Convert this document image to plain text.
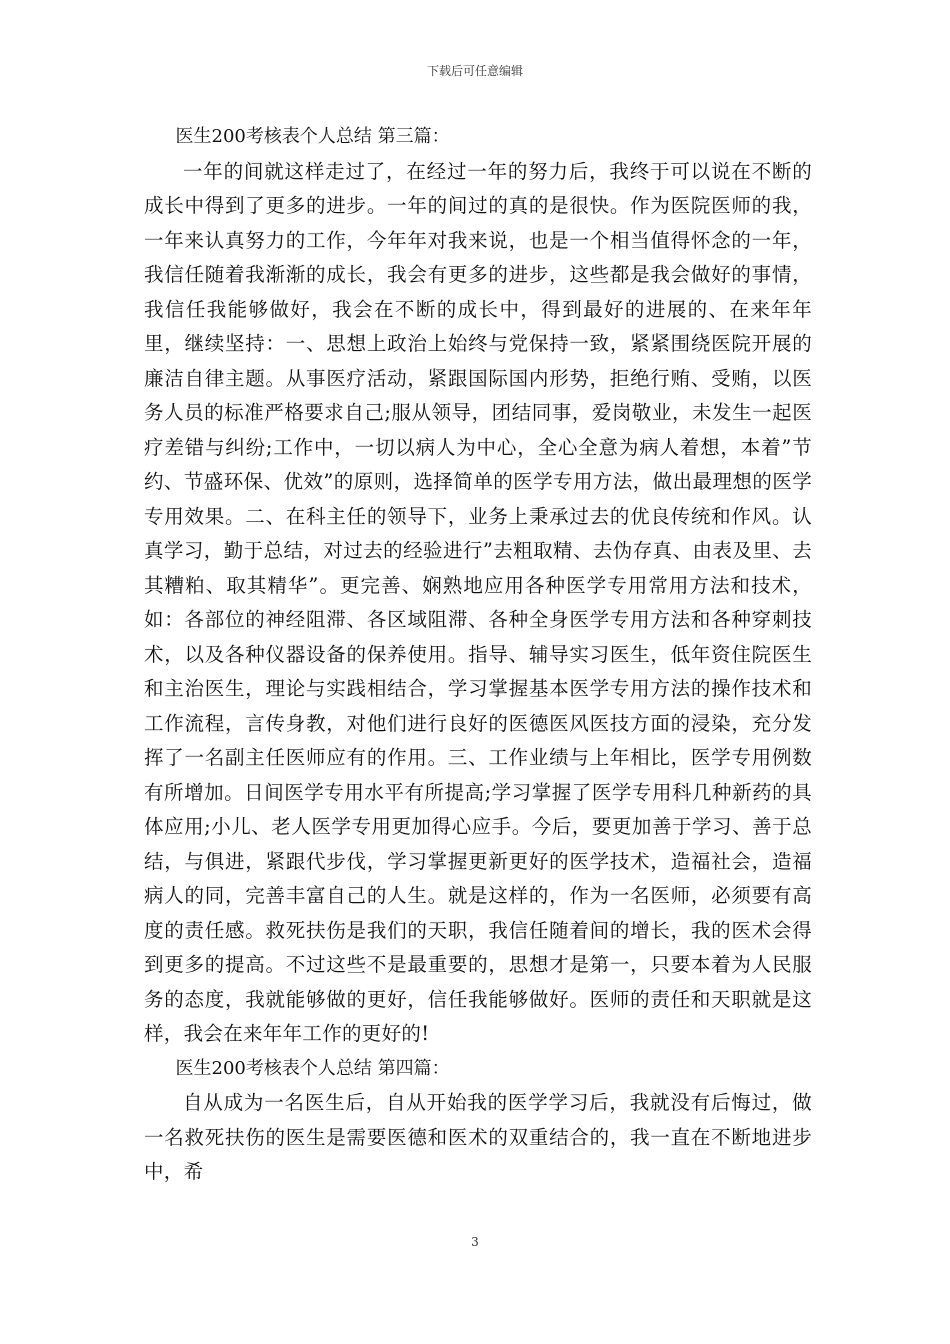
下载后可任意编辑

医生200考核表个人总结 第三篇：

一年的间就这样走过了，在经过一年的努力后，我终于可以说在不断的成长中得到了更多的进步。一年的间过的真的是很快。作为医院医师的我，一年来认真努力的工作，今年年对我来说，也是一个相当值得怀念的一年，我信任随着我渐渐的成长，我会有更多的进步，这些都是我会做好的事情，我信任我能够做好，我会在不断的成长中，得到最好的进展的、在来年年里，继续坚持：一、思想上政治上始终与党保持一致，紧紧围绕医院开展的廉洁自律主题。从事医疗活动，紧跟国际国内形势，拒绝行贿、受贿，以医务人员的标准严格要求自己;服从领导，团结同事，爱岗敬业，未发生一起医疗差错与纠纷;工作中，一切以病人为中心，全心全意为病人着想，本着”节约、节盛环保、优效”的原则，选择简单的医学专用方法，做出最理想的医学专用效果。二、在科主任的领导下，业务上秉承过去的优良传统和作风。认真学习，勤于总结，对过去的经验进行”去粗取精、去伪存真、由表及里、去其糟粕、取其精华”。更完善、娴熟地应用各种医学专用常用方法和技术，如：各部位的神经阻滞、各区域阻滞、各种全身医学专用方法和各种穿刺技术，以及各种仪器设备的保养使用。指导、辅导实习医生，低年资住院医生和主治医生，理论与实践相结合，学习掌握基本医学专用方法的操作技术和工作流程，言传身教，对他们进行良好的医德医风医技方面的浸染，充分发挥了一名副主任医师应有的作用。三、工作业绩与上年相比，医学专用例数有所增加。日间医学专用水平有所提高;学习掌握了医学专用科几种新药的具体应用;小儿、老人医学专用更加得心应手。今后，要更加善于学习、善于总结，与俱进，紧跟代步伐，学习掌握更新更好的医学技术，造福社会，造福病人的同，完善丰富自己的人生。就是这样的，作为一名医师，必须要有高度的责任感。救死扶伤是我们的天职，我信任随着间的增长，我的医术会得到更多的提高。不过这些不是最重要的，思想才是第一，只要本着为人民服务的态度，我就能够做的更好，信任我能够做好。医师的责任和天职就是这样，我会在来年年工作的更好的!

医生200考核表个人总结 第四篇：

自从成为一名医生后，自从开始我的医学学习后，我就没有后悔过，做一名救死扶伤的医生是需要医德和医术的双重结合的，我一直在不断地进步中，希

3
